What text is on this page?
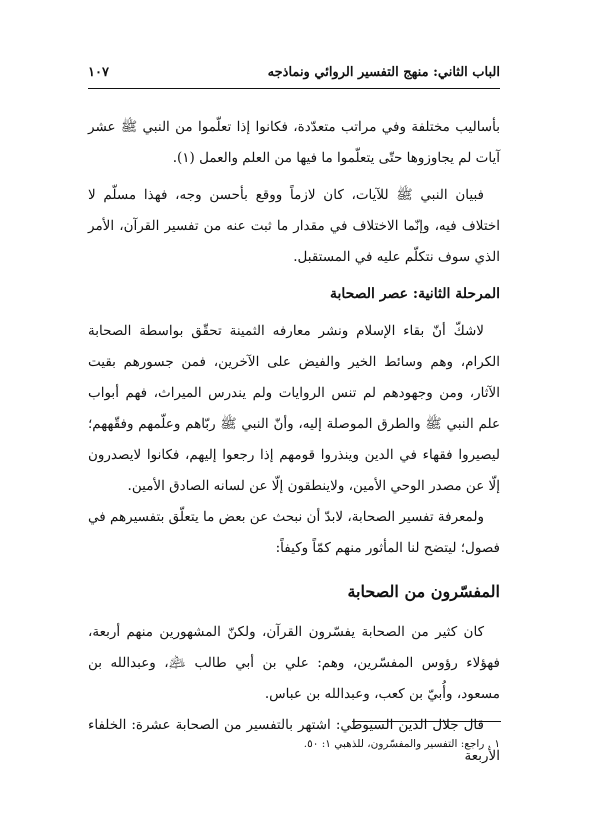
الباب الثاني: منهج التفسير الروائي ونماذجه
١٠٧

بأساليب مختلفة وفي مراتب متعدّدة، فكانوا إذا تعلّموا من النبي ﷺ عشر آيات لم يجاوزوها حتّى يتعلّموا ما فيها من العلم والعمل (١).

فبيان النبي ﷺ للآيات، كان لازماً ووقع بأحسن وجه، فهذا مسلّم لا اختلاف فيه، وإنّما الاختلاف في مقدار ما ثبت عنه من تفسير القرآن، الأمر الذي سوف نتكلّم عليه في المستقبل.

المرحلة الثانية: عصر الصحابة

لاشكّ أنّ بقاء الإسلام ونشر معارفه الثمينة تحقّق بواسطة الصحابة الكرام، وهم وسائط الخير والفيض على الآخرين، فمن جسورهم بقيت الآثار، ومن وجهودهم لم تنس الروايات ولم يندرس الميراث، فهم أبواب علم النبي ﷺ والطرق الموصلة إليه، وأنّ النبي ﷺ ربّاهم وعلّمهم وفقّههم؛ ليصيروا فقهاء في الدين وينذروا قومهم إذا رجعوا إليهم، فكانوا لايصدرون إلّا عن مصدر الوحي الأمين، ولاينطقون إلّا عن لسانه الصادق الأمين.

ولمعرفة تفسير الصحابة، لابدّ أن نبحث عن بعض ما يتعلّق بتفسيرهم في فصول؛ ليتضح لنا المأثور منهم كمّاً وكيفاً:

المفسّرون من الصحابة

كان كثير من الصحابة يفسّرون القرآن، ولكنّ المشهورين منهم أربعة، فهؤلاء رؤوس المفسّرين، وهم: علي بن أبي طالب ﵇، وعبدالله بن مسعود، وأُبيّ بن كعب، وعبدالله بن عباس.

قال جلال الدين السيوطي: اشتهر بالتفسير من الصحابة عشرة: الخلفاء الأربعة

١ . راجع: التفسير والمفسّرون، للذهبي ١: ٥٠.
